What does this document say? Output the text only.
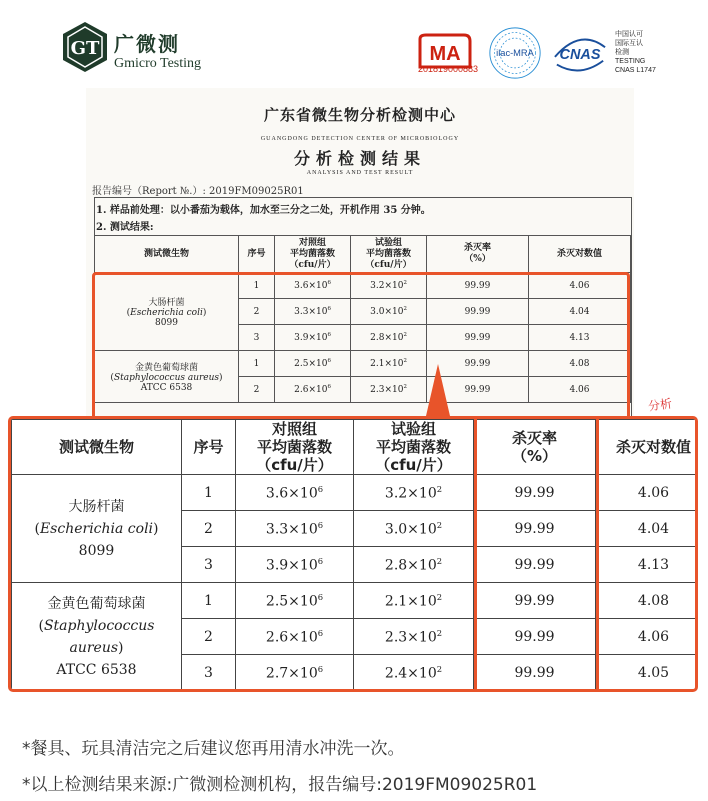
GT 广微测
Gmicro Testing	MA
201819000883
ilac-MRA CNAS
中国认可
国际互认
检测
TESTING
CNAS L1747
广东省微生物分析检测中心
GUANGDONG DETECTION CENTER OF MICROBIOLOGY
分析检测结果
ANALYSIS AND TEST RESULT
报告编号（Report №.）: 2019FM09025R01
1. 样品前处理：以小番茄为载体，加水至三分之二处，开机作用 35 分钟。
2. 测试结果:
测试微生物	序号	对照组
平均菌落数
（cfu/片）	试验组
平均菌落数
（cfu/片）	杀灭率
（%）	杀灭对数值
大肠杆菌
(Escherichia coli)
8099	1	$3.6\times 10^6$	$3.2\times 10^2$	99.99	4.06
	2	$3.3\times 10^6$	$3.0\times 10^2$	99.99	4.04
	3	$3.9\times 10^6$	$2.8\times 10^2$	99.99	4.13
金黄色葡萄球菌
(Staphylococcus aureus)
ATCC 6538	1	$2.5\times 10^6$	$2.1\times 10^2$	99.99	4.08
	2	$2.6\times 10^6$	$2.3\times 10^2$	99.99	4.06
分析
测试微生物	序号	对照组
平均菌落数
（cfu/片）	试验组
平均菌落数
（cfu/片）	杀灭率
（%）	杀灭对数值
大肠杆菌
(Escherichia coli)
8099	1	$3.6\times 10^6$	$3.2\times 10^2$	99.99	4.06
	2	$3.3\times 10^6$	$3.0\times 10^2$	99.99	4.04
	3	$3.9\times 10^6$	$2.8\times 10^2$	99.99	4.13
金黄色葡萄球菌
(Staphylococcus aureus)
ATCC 6538	1	$2.5\times 10^6$	$2.1\times 10^2$	99.99	4.08
	2	$2.6\times 10^6$	$2.3\times 10^2$	99.99	4.06
	3	$2.7\times 10^6$	$2.4\times 10^2$	99.99	4.05
*餐具、玩具清洁完之后建议您再用清水冲洗一次。
*以上检测结果来源:广微测检测机构，报告编号:2019FM09025R01
